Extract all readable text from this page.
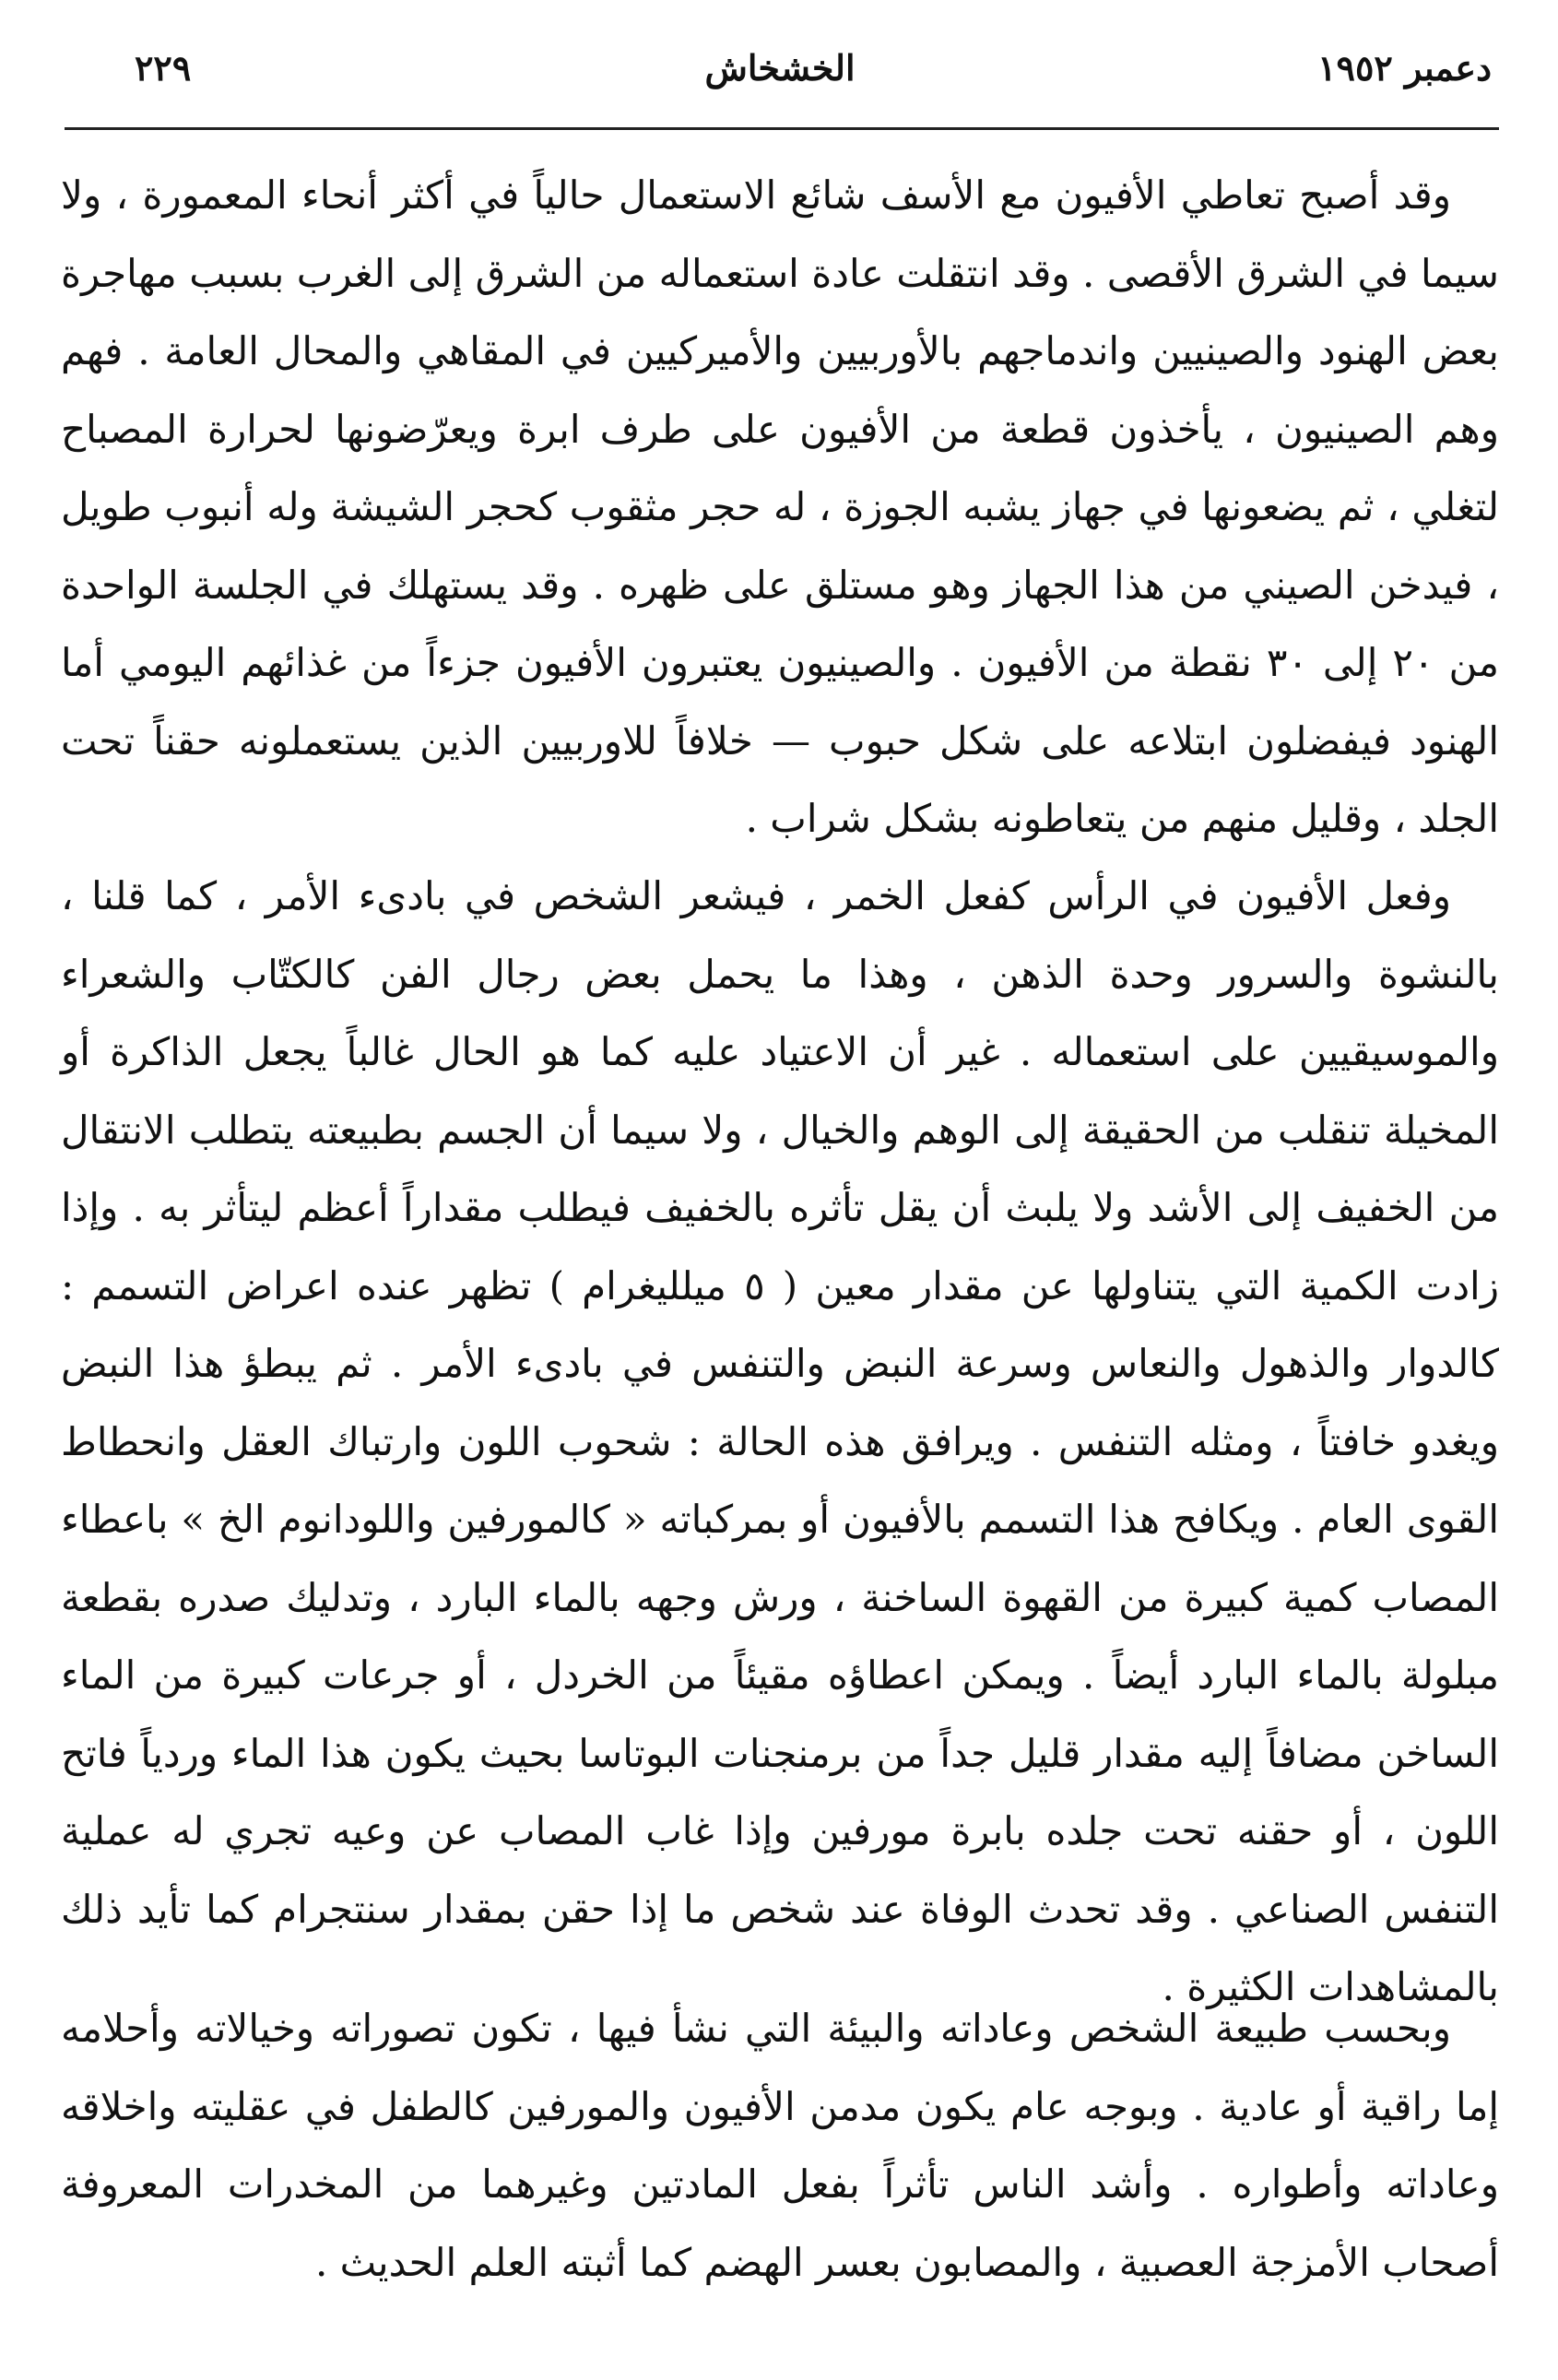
دعمبر ١٩٥٢
الخشخاش
٢٢٩

وقد أصبح تعاطي الأفيون مع الأسف شائع الاستعمال حالياً في أكثر أنحاء المعمورة ، ولا سيما في الشرق الأقصى . وقد انتقلت عادة استعماله من الشرق إلى الغرب بسبب مهاجرة بعض الهنود والصينيين واندماجهم بالأوربيين والأميركيين في المقاهي والمحال العامة . فهم وهم الصينيون ، يأخذون قطعة من الأفيون على طرف ابرة ويعرّضونها لحرارة المصباح لتغلي ، ثم يضعونها في جهاز يشبه الجوزة ، له حجر مثقوب كحجر الشيشة وله أنبوب طويل ، فيدخن الصيني من هذا الجهاز وهو مستلق على ظهره . وقد يستهلك في الجلسة الواحدة من ٢٠ إلى ٣٠ نقطة من الأفيون . والصينيون يعتبرون الأفيون جزءاً من غذائهم اليومي أما الهنود فيفضلون ابتلاعه على شكل حبوب — خلافاً للاوربيين الذين يستعملونه حقناً تحت الجلد ، وقليل منهم من يتعاطونه بشكل شراب .

وفعل الأفيون في الرأس كفعل الخمر ، فيشعر الشخص في بادىء الأمر ، كما قلنا ، بالنشوة والسرور وحدة الذهن ، وهذا ما يحمل بعض رجال الفن كالكتّاب والشعراء والموسيقيين على استعماله . غير أن الاعتياد عليه كما هو الحال غالباً يجعل الذاكرة أو المخيلة تنقلب من الحقيقة إلى الوهم والخيال ، ولا سيما أن الجسم بطبيعته يتطلب الانتقال من الخفيف إلى الأشد ولا يلبث أن يقل تأثره بالخفيف فيطلب مقداراً أعظم ليتأثر به . وإذا زادت الكمية التي يتناولها عن مقدار معين ( ٥ ميلليغرام ) تظهر عنده اعراض التسمم : كالدوار والذهول والنعاس وسرعة النبض والتنفس في بادىء الأمر . ثم يبطؤ هذا النبض ويغدو خافتاً ، ومثله التنفس . ويرافق هذه الحالة : شحوب اللون وارتباك العقل وانحطاط القوى العام . ويكافح هذا التسمم بالأفيون أو بمركباته « كالمورفين واللودانوم الخ » باعطاء المصاب كمية كبيرة من القهوة الساخنة ، ورش وجهه بالماء البارد ، وتدليك صدره بقطعة مبلولة بالماء البارد أيضاً . ويمكن اعطاؤه مقيئاً من الخردل ، أو جرعات كبيرة من الماء الساخن مضافاً إليه مقدار قليل جداً من برمنجنات البوتاسا بحيث يكون هذا الماء وردياً فاتح اللون ، أو حقنه تحت جلده بابرة مورفين وإذا غاب المصاب عن وعيه تجري له عملية التنفس الصناعي . وقد تحدث الوفاة عند شخص ما إذا حقن بمقدار سنتجرام كما تأيد ذلك بالمشاهدات الكثيرة .

وبحسب طبيعة الشخص وعاداته والبيئة التي نشأ فيها ، تكون تصوراته وخيالاته وأحلامه إما راقية أو عادية . وبوجه عام يكون مدمن الأفيون والمورفين كالطفل في عقليته واخلاقه وعاداته وأطواره . وأشد الناس تأثراً بفعل المادتين وغيرهما من المخدرات المعروفة أصحاب الأمزجة العصبية ، والمصابون بعسر الهضم كما أثبته العلم الحديث .
